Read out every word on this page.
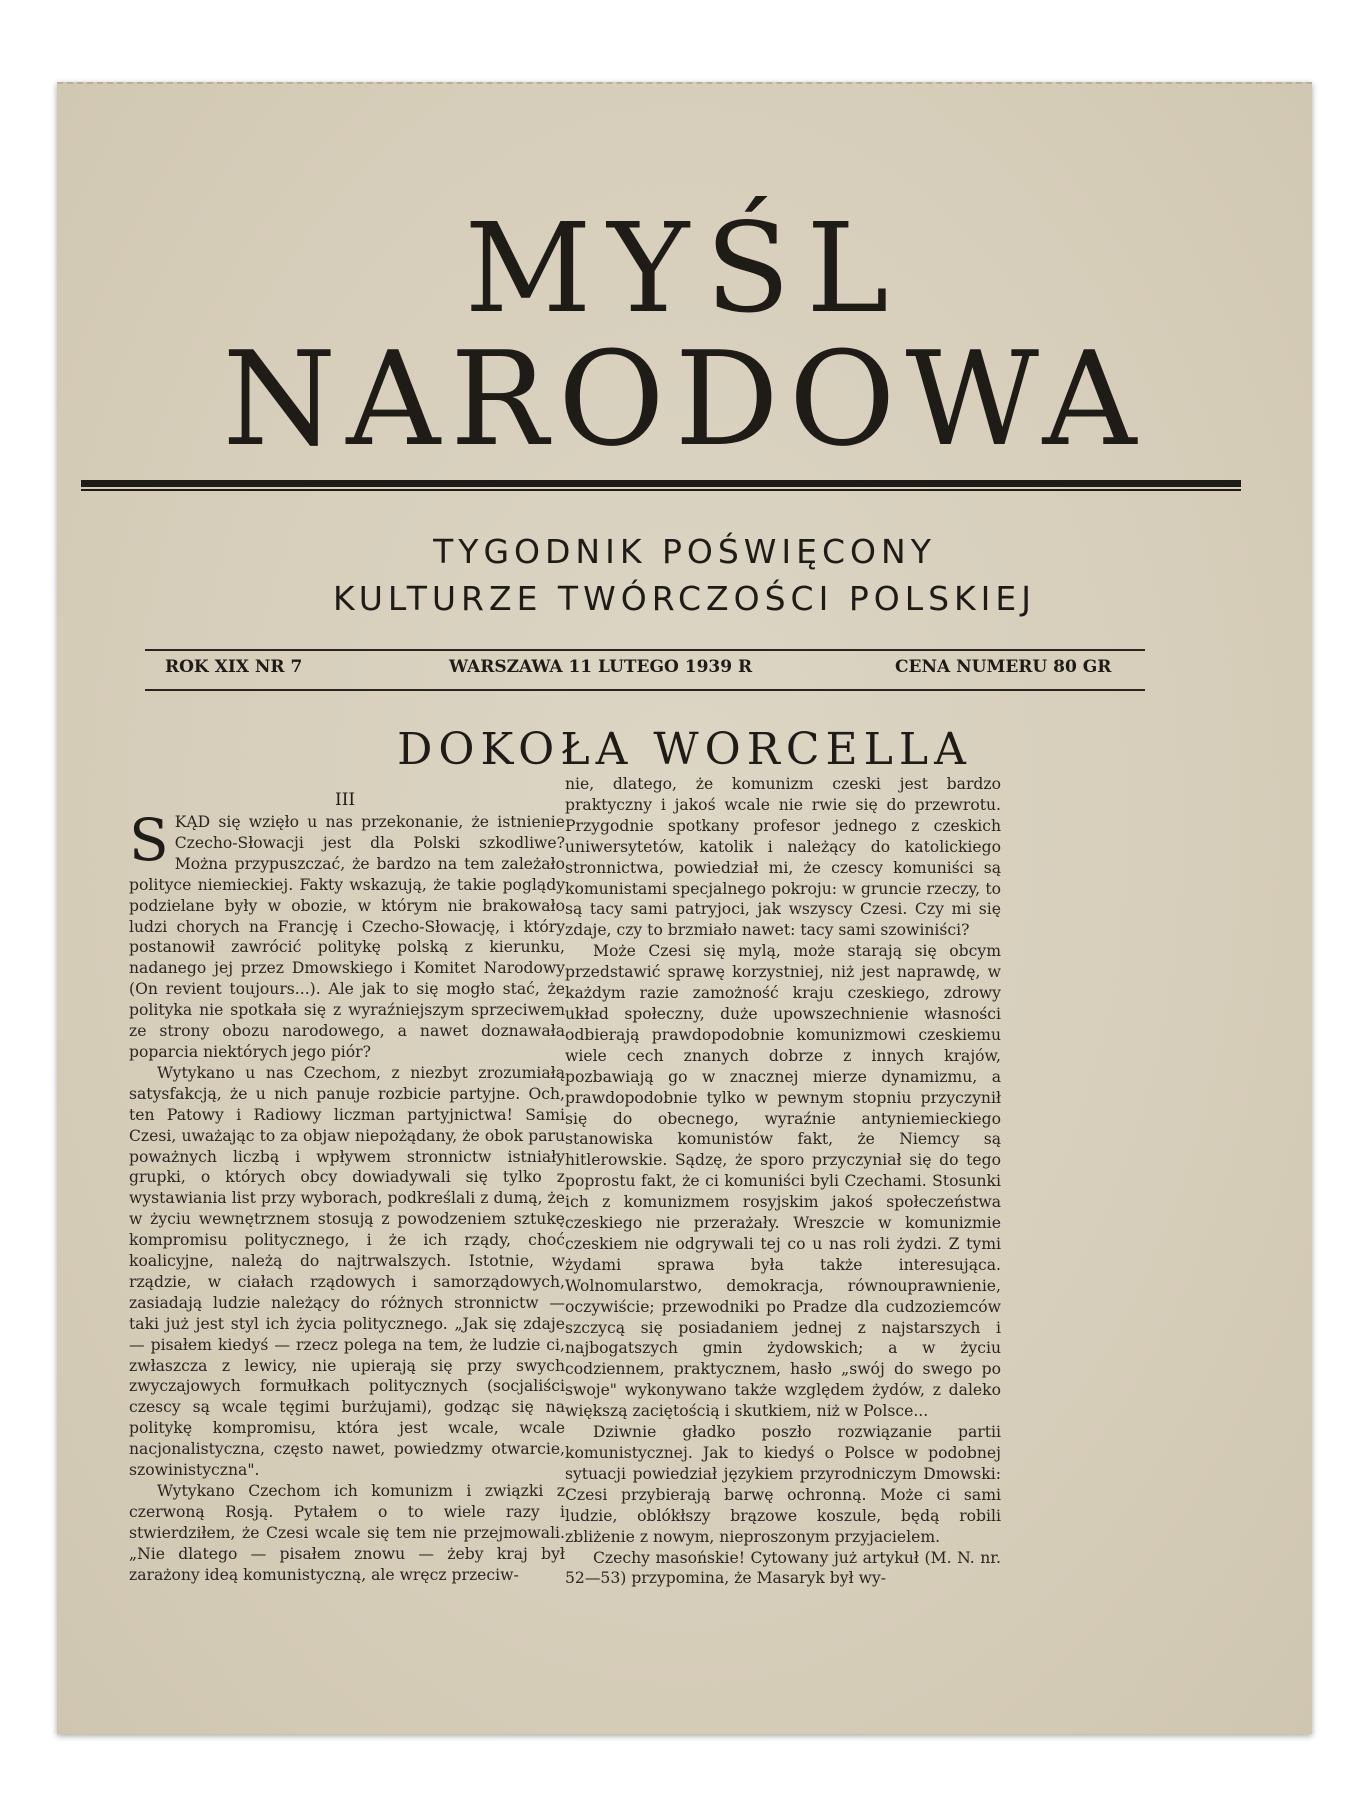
MYŚL
NARODOWA
TYGODNIK POŚWIĘCONY
KULTURZE TWÓRCZOŚCI POLSKIEJ
ROK XIX NR 7	WARSZAWA 11 LUTEGO 1939 R	CENA NUMERU 80 GR
DOKOŁA WORCELLA
III

SKĄD się wzięło u nas przekonanie, że istnienie Czecho-Słowacji jest dla Polski szkodliwe? Można przypuszczać, że bardzo na tem zależało polityce niemieckiej. Fakty wskazują, że takie poglądy podzielane były w obozie, w którym nie brakowało ludzi chorych na Francję i Czecho-Słowację, i który postanowił zawrócić politykę polską z kierunku, nadanego jej przez Dmowskiego i Komitet Narodowy (On revient toujours...). Ale jak to się mogło stać, że polityka nie spotkała się z wyraźniejszym sprzeciwem ze strony obozu narodowego, a nawet doznawała poparcia niektórych jego piór?

Wytykano u nas Czechom, z niezbyt zrozumiałą satysfakcją, że u nich panuje rozbicie partyjne. Och, ten Patowy i Radiowy liczman partyjnictwa! Sami Czesi, uważając to za objaw niepożądany, że obok paru poważnych liczbą i wpływem stronnictw istniały grupki, o których obcy dowiadywali się tylko z wystawiania list przy wyborach, podkreślali z dumą, że w życiu wewnętrznem stosują z powodzeniem sztukę kompromisu politycznego, i że ich rządy, choć koalicyjne, należą do najtrwalszych. Istotnie, w rządzie, w ciałach rządowych i samorządowych, zasiadają ludzie należący do różnych stronnictw — taki już jest styl ich życia politycznego. „Jak się zdaje — pisałem kiedyś — rzecz polega na tem, że ludzie ci, zwłaszcza z lewicy, nie upierają się przy swych zwyczajowych formułkach politycznych (socjaliści czescy są wcale tęgimi burżujami), godząc się na politykę kompromisu, która jest wcale, wcale nacjonalistyczna, często nawet, powiedzmy otwarcie, szowinistyczna".

Wytykano Czechom ich komunizm i związki z czerwoną Rosją. Pytałem o to wiele razy i stwierdziłem, że Czesi wcale się tem nie przejmowali. „Nie dlatego — pisałem znowu — żeby kraj był zarażony ideą komunistyczną, ale wręcz przeciw-

nie, dlatego, że komunizm czeski jest bardzo praktyczny i jakoś wcale nie rwie się do przewrotu. Przygodnie spotkany profesor jednego z czeskich uniwersytetów, katolik i należący do katolickiego stronnictwa, powiedział mi, że czescy komuniści są komunistami specjalnego pokroju: w gruncie rzeczy, to są tacy sami patryjoci, jak wszyscy Czesi. Czy mi się zdaje, czy to brzmiało nawet: tacy sami szowiniści?

Może Czesi się mylą, może starają się obcym przedstawić sprawę korzystniej, niż jest naprawdę, w każdym razie zamożność kraju czeskiego, zdrowy układ społeczny, duże upowszechnienie własności odbierają prawdopodobnie komunizmowi czeskiemu wiele cech znanych dobrze z innych krajów, pozbawiają go w znacznej mierze dynamizmu, a prawdopodobnie tylko w pewnym stopniu przyczynił się do obecnego, wyraźnie antyniemieckiego stanowiska komunistów fakt, że Niemcy są hitlerowskie. Sądzę, że sporo przyczyniał się do tego poprostu fakt, że ci komuniści byli Czechami. Stosunki ich z komunizmem rosyjskim jakoś społeczeństwa czeskiego nie przerażały. Wreszcie w komunizmie czeskiem nie odgrywali tej co u nas roli żydzi. Z tymi żydami sprawa była także interesująca. Wolnomularstwo, demokracja, równouprawnienie, oczywiście; przewodniki po Pradze dla cudzoziemców szczycą się posiadaniem jednej z najstarszych i najbogatszych gmin żydowskich; a w życiu codziennem, praktycznem, hasło „swój do swego po swoje" wykonywano także względem żydów, z daleko większą zaciętością i skutkiem, niż w Polsce...

Dziwnie gładko poszło rozwiązanie partii komunistycznej. Jak to kiedyś o Polsce w podobnej sytuacji powiedział językiem przyrodniczym Dmowski: Czesi przybierają barwę ochronną. Może ci sami ludzie, oblókłszy brązowe koszule, będą robili zbliżenie z nowym, nieproszonym przyjacielem.

Czechy masońskie! Cytowany już artykuł (M. N. nr. 52—53) przypomina, że Masaryk był wy-
